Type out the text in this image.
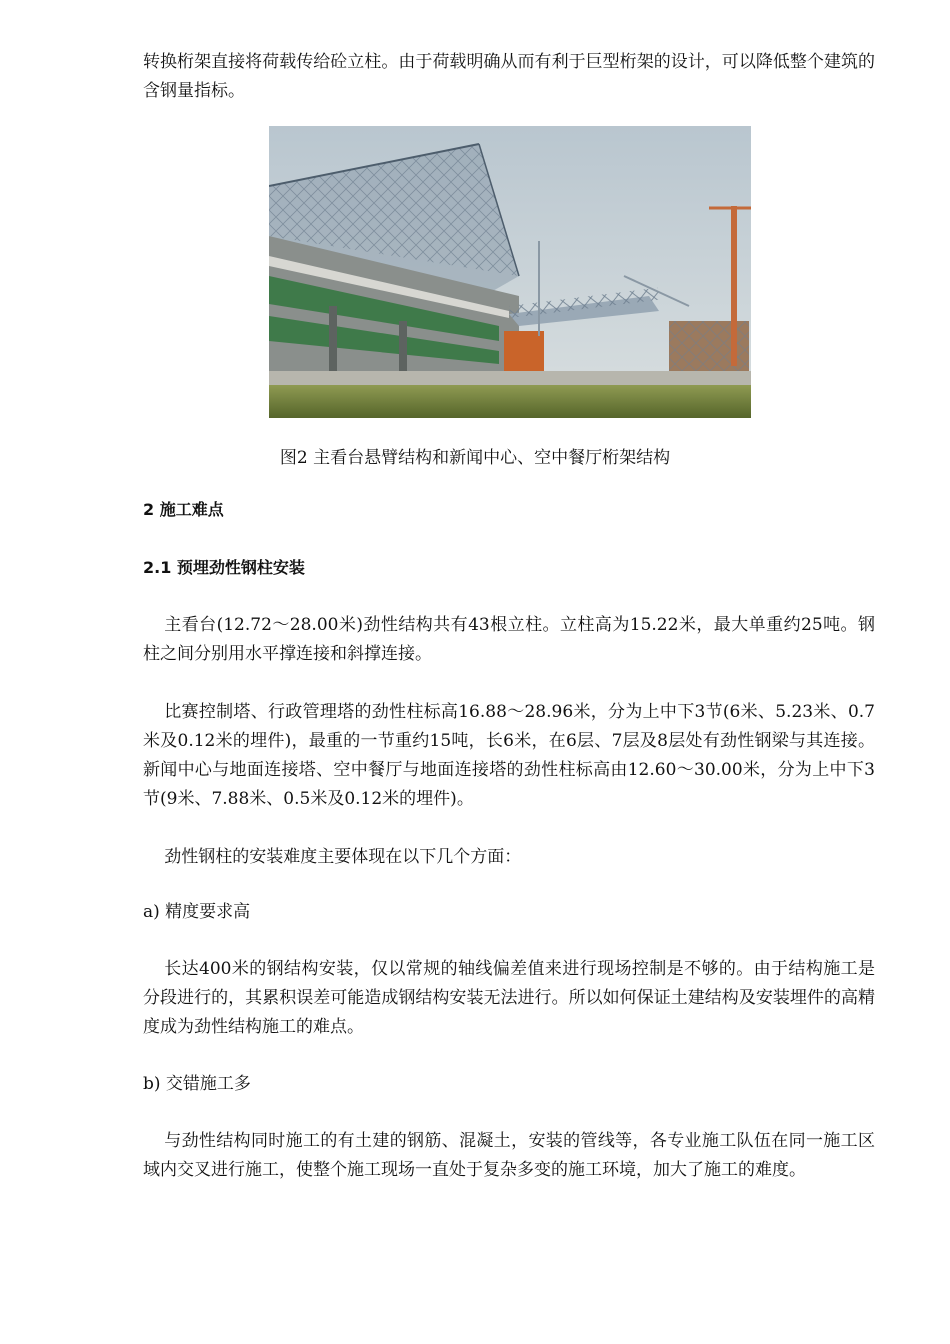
转换桁架直接将荷载传给砼立柱。由于荷载明确从而有利于巨型桁架的设计，可以降低整个建筑的含钢量指标。

图2 主看台悬臂结构和新闻中心、空中餐厅桁架结构

2 施工难点

2.1 预埋劲性钢柱安装

主看台(12.72～28.00米)劲性结构共有43根立柱。立柱高为15.22米，最大单重约25吨。钢柱之间分别用水平撑连接和斜撑连接。

比赛控制塔、行政管理塔的劲性柱标高16.88～28.96米，分为上中下3节(6米、5.23米、0.7米及0.12米的埋件)，最重的一节重约15吨，长6米，在6层、7层及8层处有劲性钢梁与其连接。新闻中心与地面连接塔、空中餐厅与地面连接塔的劲性柱标高由12.60～30.00米，分为上中下3节(9米、7.88米、0.5米及0.12米的埋件)。

劲性钢柱的安装难度主要体现在以下几个方面：

a) 精度要求高

长达400米的钢结构安装，仅以常规的轴线偏差值来进行现场控制是不够的。由于结构施工是分段进行的，其累积误差可能造成钢结构安装无法进行。所以如何保证土建结构及安装埋件的高精度成为劲性结构施工的难点。

b) 交错施工多

与劲性结构同时施工的有土建的钢筋、混凝土，安装的管线等，各专业施工队伍在同一施工区域内交叉进行施工，使整个施工现场一直处于复杂多变的施工环境，加大了施工的难度。
